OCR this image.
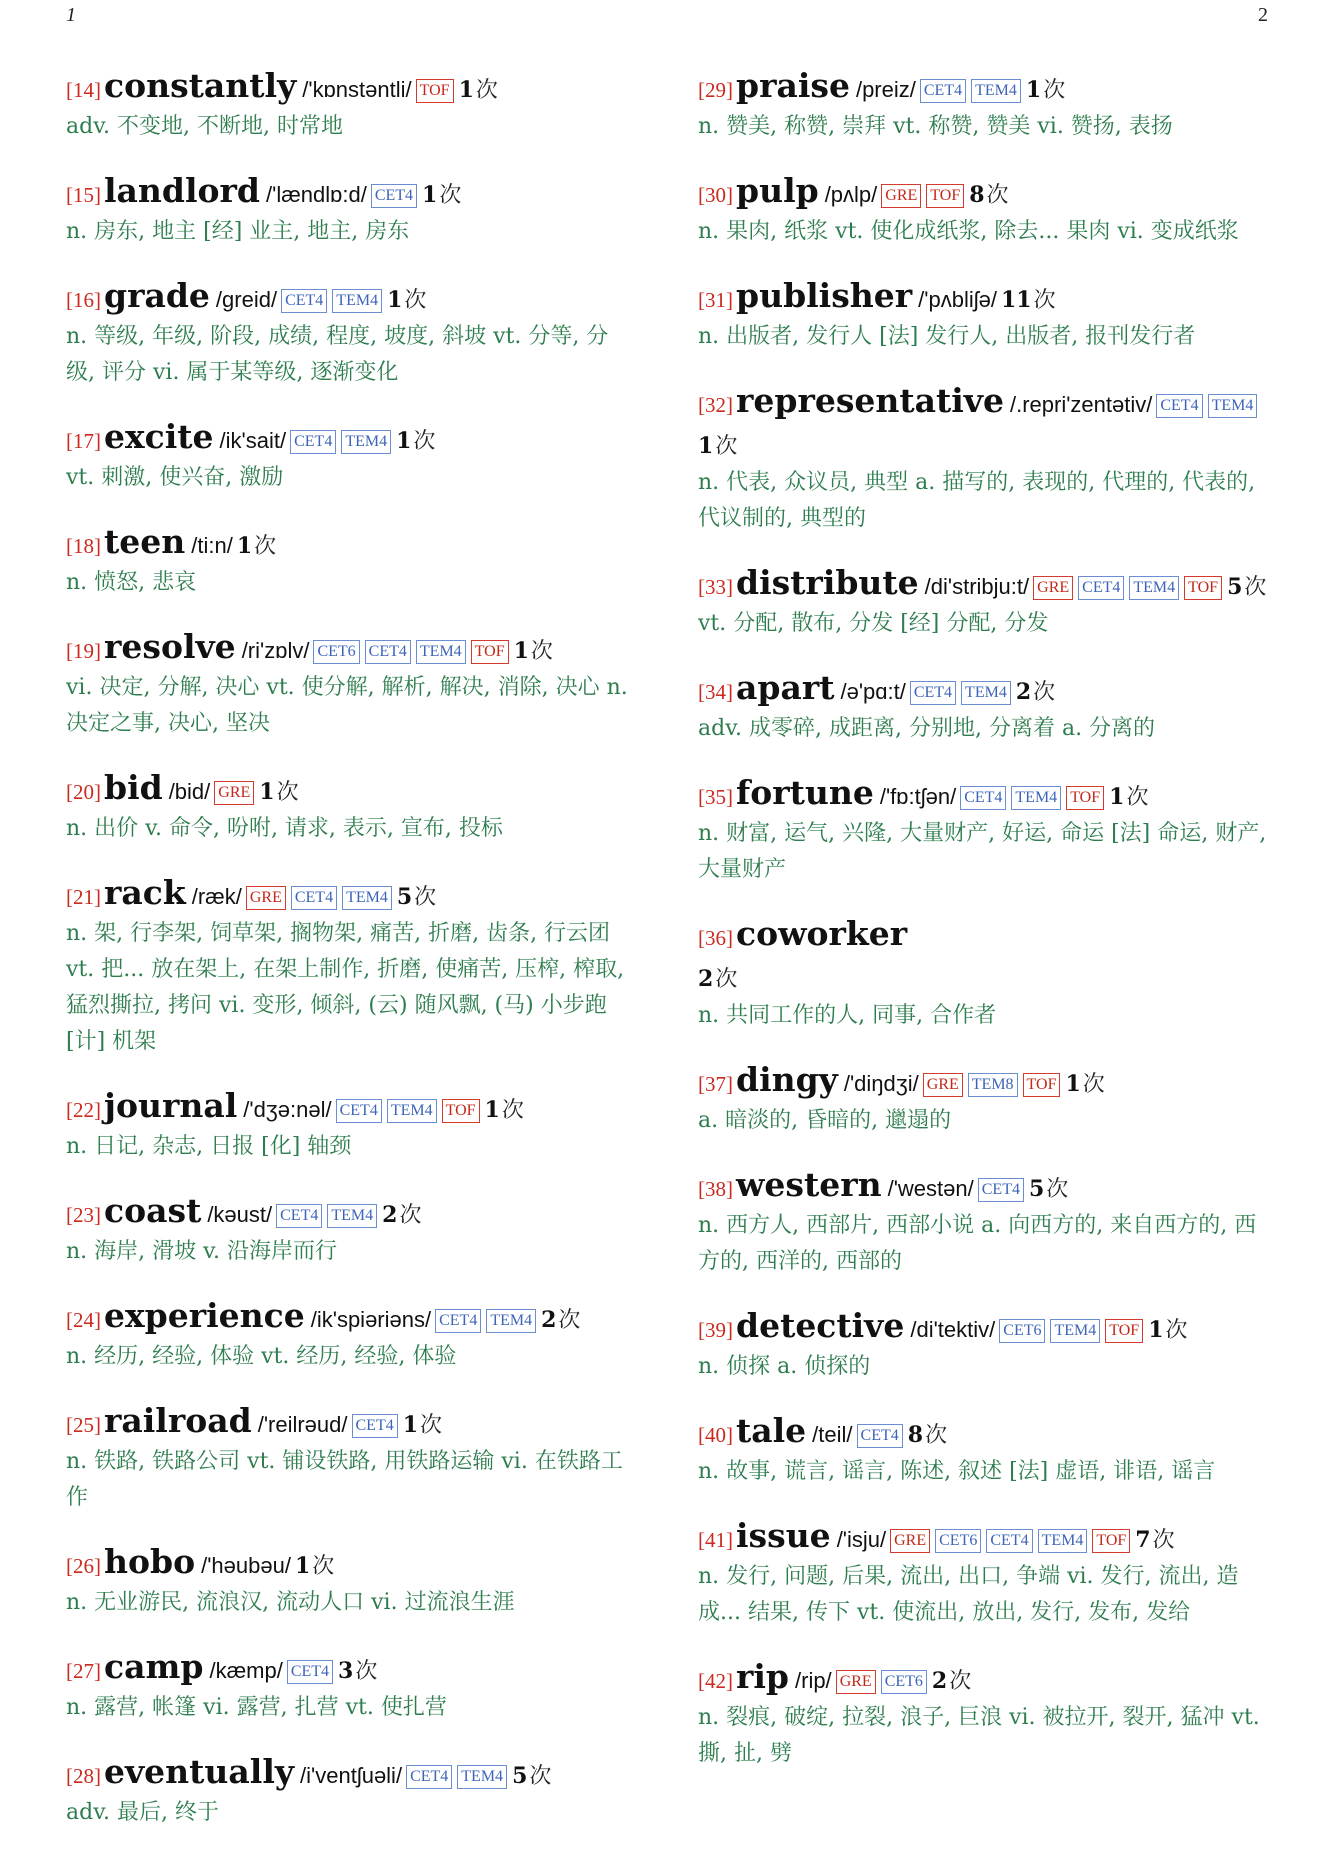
1	2
[14]constantly /'kɒnstəntli/ TOF 1次
adv. 不变地, 不断地, 时常地
[15]landlord /'lændlɒ:d/ CET4 1次
n. 房东, 地主 [经] 业主, 地主, 房东
[16]grade /greid/ CET4 TEM4 1次
n. 等级, 年级, 阶段, 成绩, 程度, 坡度, 斜坡 vt. 分等, 分级, 评分 vi. 属于某等级, 逐渐变化
[17]excite /ik'sait/ CET4 TEM4 1次
vt. 刺激, 使兴奋, 激励
[18]teen /ti:n/ 1次
n. 愤怒, 悲哀
[19]resolve /ri'zɒlv/ CET6 CET4 TEM4 TOF 1次
vi. 决定, 分解, 决心 vt. 使分解, 解析, 解决, 消除, 决心 n. 决定之事, 决心, 坚决
[20]bid /bid/ GRE 1次
n. 出价 v. 命令, 吩咐, 请求, 表示, 宣布, 投标
[21]rack /ræk/ GRE CET4 TEM4 5次
n. 架, 行李架, 饲草架, 搁物架, 痛苦, 折磨, 齿条, 行云团 vt. 把... 放在架上, 在架上制作, 折磨, 使痛苦, 压榨, 榨取, 猛烈撕拉, 拷问 vi. 变形, 倾斜, (云) 随风飘, (马) 小步跑 [计] 机架
[22]journal /'dʒə:nəl/ CET4 TEM4 TOF 1次
n. 日记, 杂志, 日报 [化] 轴颈
[23]coast /kəust/ CET4 TEM4 2次
n. 海岸, 滑坡 v. 沿海岸而行
[24]experience /ik'spiəriəns/ CET4 TEM4 2次
n. 经历, 经验, 体验 vt. 经历, 经验, 体验
[25]railroad /'reilrəud/ CET4 1次
n. 铁路, 铁路公司 vt. 铺设铁路, 用铁路运输 vi. 在铁路工作
[26]hobo /'həubəu/ 1次
n. 无业游民, 流浪汉, 流动人口 vi. 过流浪生涯
[27]camp /kæmp/ CET4 3次
n. 露营, 帐篷 vi. 露营, 扎营 vt. 使扎营
[28]eventually /i'ventʃuəli/ CET4 TEM4 5次
adv. 最后, 终于
[29]praise /preiz/ CET4 TEM4 1次
n. 赞美, 称赞, 崇拜 vt. 称赞, 赞美 vi. 赞扬, 表扬
[30]pulp /pʌlp/ GRE TOF 8次
n. 果肉, 纸浆 vt. 使化成纸浆, 除去... 果肉 vi. 变成纸浆
[31]publisher /'pʌbliʃə/ 11次
n. 出版者, 发行人 [法] 发行人, 出版者, 报刊发行者
[32]representative /.repri'zentətiv/ CET4 TEM41次
n. 代表, 众议员, 典型 a. 描写的, 表现的, 代理的, 代表的, 代议制的, 典型的
[33]distribute /di'stribju:t/ GRE CET4 TEM4 TOF 5次
vt. 分配, 散布, 分发 [经] 分配, 分发
[34]apart /ə'pɑ:t/ CET4 TEM4 2次
adv. 成零碎, 成距离, 分别地, 分离着 a. 分离的
[35]fortune /'fɒ:tʃən/ CET4 TEM4 TOF 1次
n. 财富, 运气, 兴隆, 大量财产, 好运, 命运 [法] 命运, 财产, 大量财产
[36]coworker
2次
n. 共同工作的人, 同事, 合作者
[37]dingy /'diŋdʒi/ GRE TEM8 TOF 1次
a. 暗淡的, 昏暗的, 邋遢的
[38]western /'westən/ CET4 5次
n. 西方人, 西部片, 西部小说 a. 向西方的, 来自西方的, 西方的, 西洋的, 西部的
[39]detective /di'tektiv/ CET6 TEM4 TOF 1次
n. 侦探 a. 侦探的
[40]tale /teil/ CET4 8次
n. 故事, 谎言, 谣言, 陈述, 叙述 [法] 虚语, 诽语, 谣言
[41]issue /'isju/ GRE CET6 CET4 TEM4 TOF 7次
n. 发行, 问题, 后果, 流出, 出口, 争端 vi. 发行, 流出, 造成... 结果, 传下 vt. 使流出, 放出, 发行, 发布, 发给
[42]rip /rip/ GRE CET6 2次
n. 裂痕, 破绽, 拉裂, 浪子, 巨浪 vi. 被拉开, 裂开, 猛冲 vt. 撕, 扯, 劈
